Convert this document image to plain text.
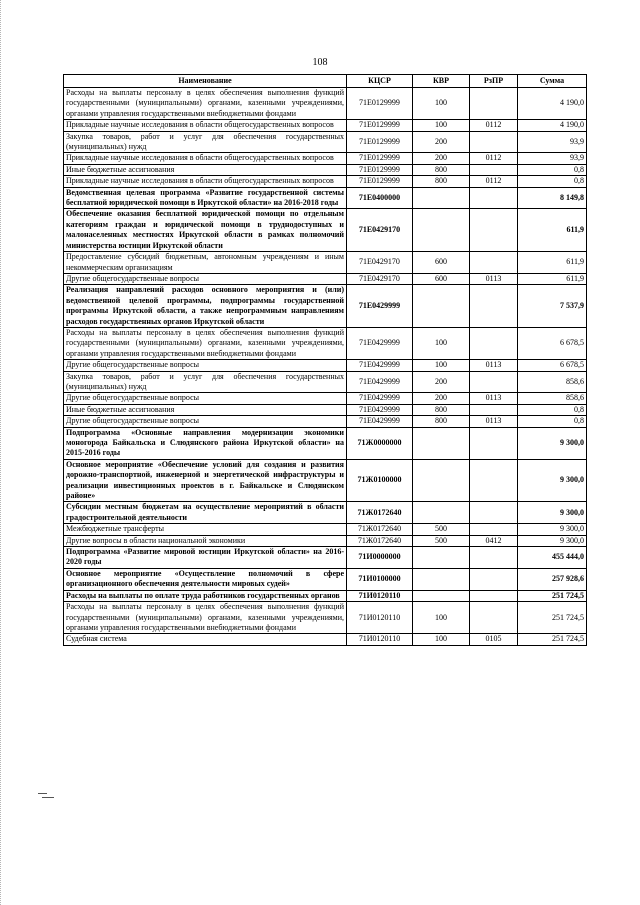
108
Наименование	КЦСР	КВР	РзПР	Сумма
Расходы на выплаты персоналу в целях обеспечения выполнения функций государственными (муниципальными) органами, казенными учреждениями, органами управления государственными внебюджетными фондами	71Е0129999	100		4 190,0
Прикладные научные исследования в области общегосударственных вопросов	71Е0129999	100	0112	4 190,0
Закупка товаров, работ и услуг для обеспечения государственных (муниципальных) нужд	71Е0129999	200		93,9
Прикладные научные исследования в области общегосударственных вопросов	71Е0129999	200	0112	93,9
Иные бюджетные ассигнования	71Е0129999	800		0,8
Прикладные научные исследования в области общегосударственных вопросов	71Е0129999	800	0112	0,8
Ведомственная целевая программа «Развитие государственной системы бесплатной юридической помощи в Иркутской области» на 2016-2018 годы	71Е0400000			8 149,8
Обеспечение оказания бесплатной юридической помощи по отдельным категориям граждан и юридической помощи в труднодоступных и малонаселенных местностях Иркутской области в рамках полномочий министерства юстиции Иркутской области	71Е0429170			611,9
Предоставление субсидий бюджетным, автономным учреждениям и иным некоммерческим организациям	71Е0429170	600		611,9
Другие общегосударственные вопросы	71Е0429170	600	0113	611,9
Реализация направлений расходов основного мероприятия и (или) ведомственной целевой программы, подпрограммы государственной программы Иркутской области, а также непрограммным направлениям расходов государственных органов Иркутской области	71Е0429999			7 537,9
Расходы на выплаты персоналу в целях обеспечения выполнения функций государственными (муниципальными) органами, казенными учреждениями, органами управления государственными внебюджетными фондами	71Е0429999	100		6 678,5
Другие общегосударственные вопросы	71Е0429999	100	0113	6 678,5
Закупка товаров, работ и услуг для обеспечения государственных (муниципальных) нужд	71Е0429999	200		858,6
Другие общегосударственные вопросы	71Е0429999	200	0113	858,6
Иные бюджетные ассигнования	71Е0429999	800		0,8
Другие общегосударственные вопросы	71Е0429999	800	0113	0,8
Подпрограмма «Основные направления модернизации экономики моногорода Байкальска и Слюдянского района Иркутской области» на 2015-2016 годы	71Ж0000000			9 300,0
Основное мероприятие «Обеспечение условий для создания и развития дорожно-транспортной, инженерной и энергетической инфраструктуры и реализации инвестиционных проектов в г. Байкальске и Слюдянском районе»	71Ж0100000			9 300,0
Субсидии местным бюджетам на осуществление мероприятий в области градостроительной деятельности	71Ж0172640			9 300,0
Межбюджетные трансферты	71Ж0172640	500		9 300,0
Другие вопросы в области национальной экономики	71Ж0172640	500	0412	9 300,0
Подпрограмма «Развитие мировой юстиции Иркутской области» на 2016-2020 годы	71И0000000			455 444,0
Основное мероприятие «Осуществление полномочий в сфере организационного обеспечения деятельности мировых судей»	71И0100000			257 928,6
Расходы на выплаты по оплате труда работников государственных органов	71И0120110			251 724,5
Расходы на выплаты персоналу в целях обеспечения выполнения функций государственными (муниципальными) органами, казенными учреждениями, органами управления государственными внебюджетными фондами	71И0120110	100		251 724,5
Судебная система	71И0120110	100	0105	251 724,5
